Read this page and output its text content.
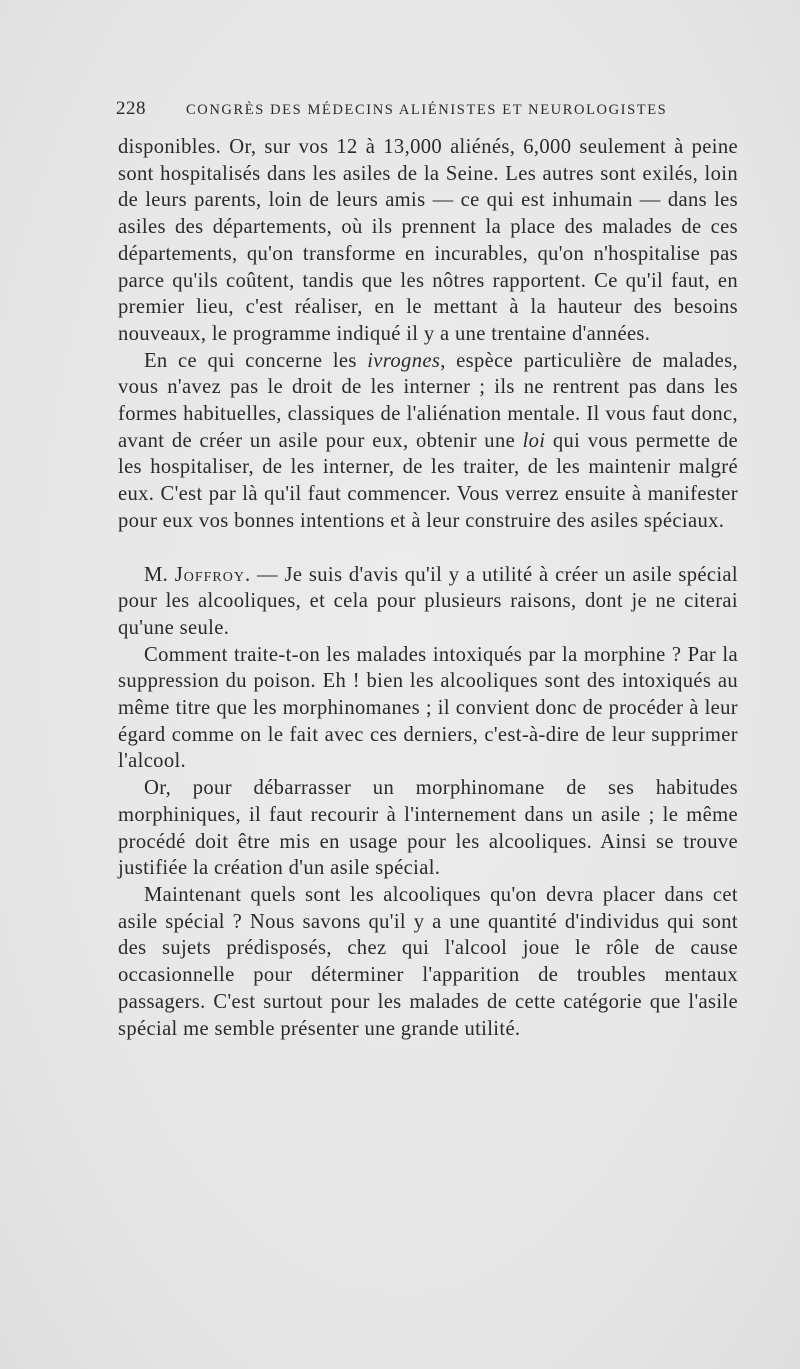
228	CONGRÈS DES MÉDECINS ALIÉNISTES ET NEUROLOGISTES

disponibles. Or, sur vos 12 à 13,000 aliénés, 6,000 seulement à peine sont hospitalisés dans les asiles de la Seine. Les autres sont exilés, loin de leurs parents, loin de leurs amis — ce qui est inhumain — dans les asiles des départements, où ils prennent la place des malades de ces départements, qu'on transforme en incurables, qu'on n'hospitalise pas parce qu'ils coûtent, tandis que les nôtres rapportent. Ce qu'il faut, en premier lieu, c'est réaliser, en le mettant à la hauteur des besoins nouveaux, le programme indiqué il y a une trentaine d'années.

En ce qui concerne les ivrognes, espèce particulière de malades, vous n'avez pas le droit de les interner ; ils ne rentrent pas dans les formes habituelles, classiques de l'aliénation mentale. Il vous faut donc, avant de créer un asile pour eux, obtenir une loi qui vous permette de les hospitaliser, de les interner, de les traiter, de les maintenir malgré eux. C'est par là qu'il faut commencer. Vous verrez ensuite à manifester pour eux vos bonnes intentions et à leur construire des asiles spéciaux.

M. Joffroy. — Je suis d'avis qu'il y a utilité à créer un asile spécial pour les alcooliques, et cela pour plusieurs raisons, dont je ne citerai qu'une seule.

Comment traite-t-on les malades intoxiqués par la morphine ? Par la suppression du poison. Eh ! bien les alcooliques sont des intoxiqués au même titre que les morphinomanes ; il convient donc de procéder à leur égard comme on le fait avec ces derniers, c'est-à-dire de leur supprimer l'alcool.

Or, pour débarrasser un morphinomane de ses habitudes morphiniques, il faut recourir à l'internement dans un asile ; le même procédé doit être mis en usage pour les alcooliques. Ainsi se trouve justifiée la création d'un asile spécial.

Maintenant quels sont les alcooliques qu'on devra placer dans cet asile spécial ? Nous savons qu'il y a une quantité d'individus qui sont des sujets prédisposés, chez qui l'alcool joue le rôle de cause occasionnelle pour déterminer l'apparition de troubles mentaux passagers. C'est surtout pour les malades de cette catégorie que l'asile spécial me semble présenter une grande utilité.
